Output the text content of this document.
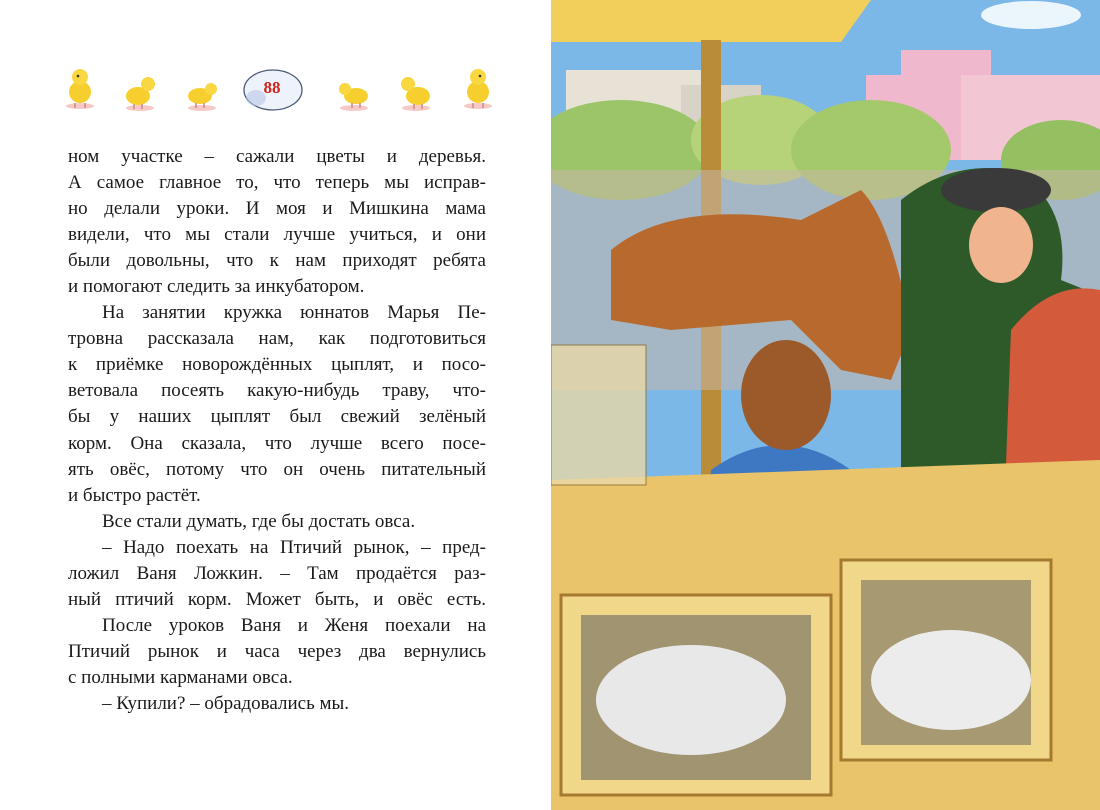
88
ном участке – сажали цветы и деревья.
А самое главное то, что теперь мы исправ-
но делали уроки. И моя и Мишкина мама
видели, что мы стали лучше учиться, и они
были довольны, что к нам приходят ребята
и помогают следить за инкубатором.
На занятии кружка юннатов Марья Пе-
тровна рассказала нам, как подготовиться
к приёмке новорождённых цыплят, и посо-
ветовала посеять какую-нибудь траву, что-
бы у наших цыплят был свежий зелёный
корм. Она сказала, что лучше всего посе-
ять овёс, потому что он очень питательный
и быстро растёт.
Все стали думать, где бы достать овса.
– Надо поехать на Птичий рынок, – пред-
ложил Ваня Ложкин. – Там продаётся раз-
ный птичий корм. Может быть, и овёс есть.
После уроков Ваня и Женя поехали на
Птичий рынок и часа через два вернулись
с полными карманами овса.
– Купили? – обрадовались мы.
